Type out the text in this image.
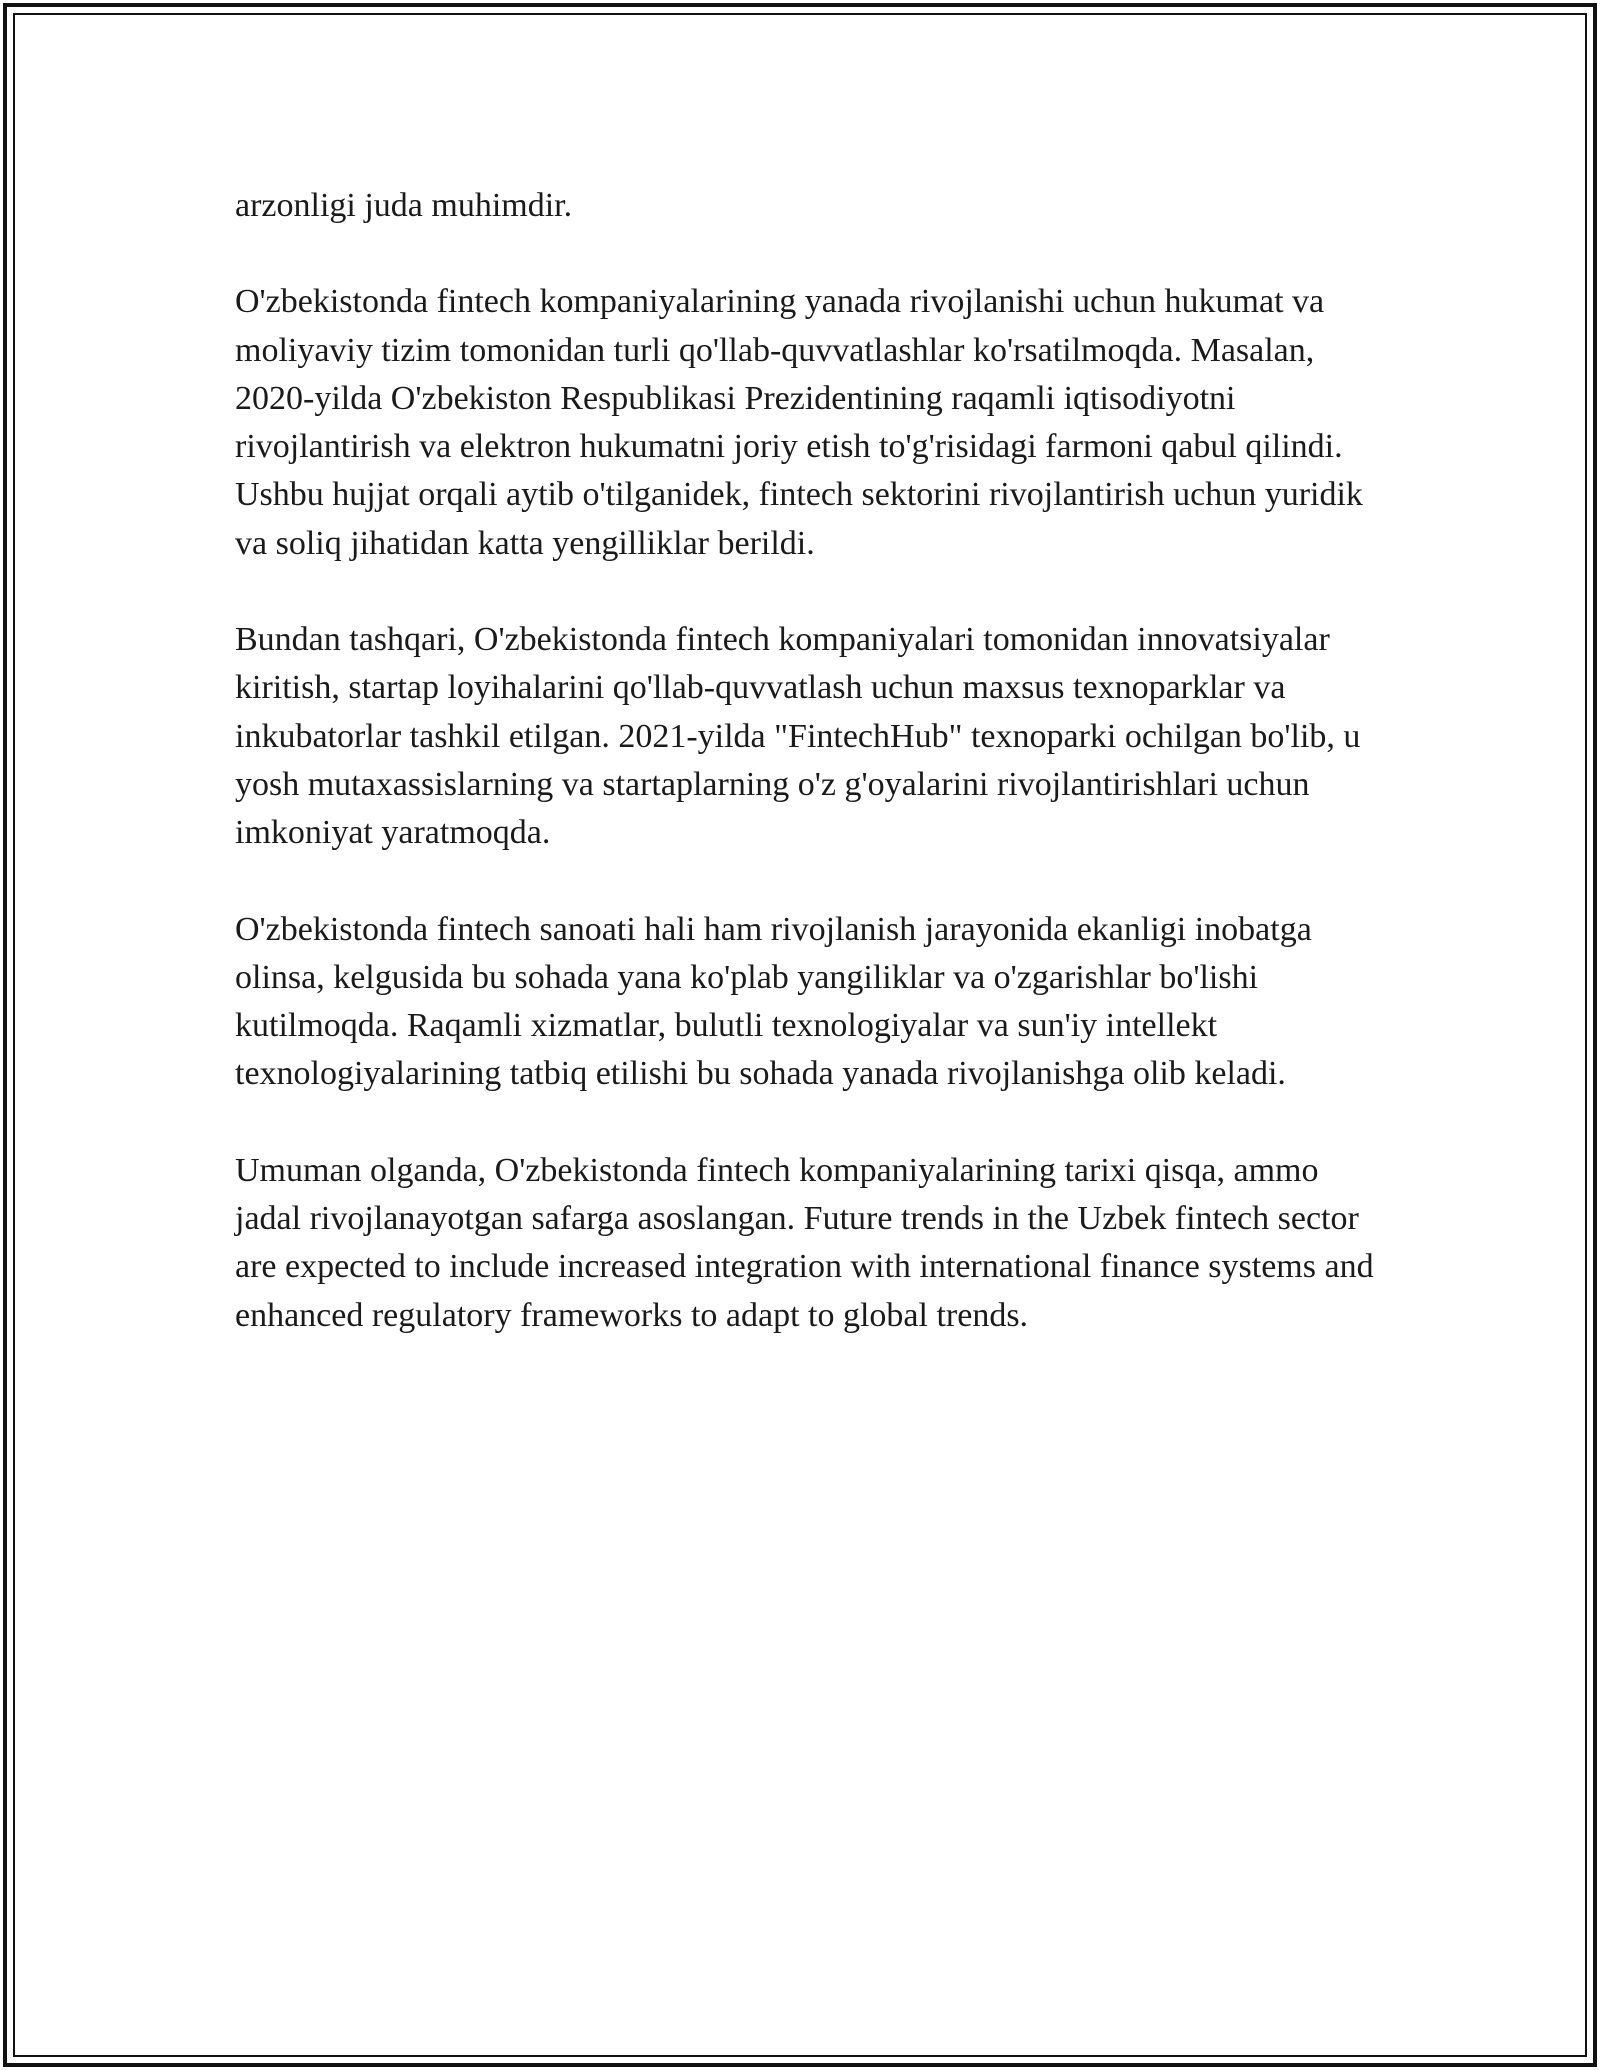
arzonligi juda muhimdir.

O'zbekistonda fintech kompaniyalarining yanada rivojlanishi uchun hukumat va moliyaviy tizim tomonidan turli qo'llab-quvvatlashlar ko'rsatilmoqda. Masalan, 2020-yilda O'zbekiston Respublikasi Prezidentining raqamli iqtisodiyotni rivojlantirish va elektron hukumatni joriy etish to'g'risidagi farmoni qabul qilindi. Ushbu hujjat orqali aytib o'tilganidek, fintech sektorini rivojlantirish uchun yuridik va soliq jihatidan katta yengilliklar berildi.

Bundan tashqari, O'zbekistonda fintech kompaniyalari tomonidan innovatsiyalar kiritish, startap loyihalarini qo'llab-quvvatlash uchun maxsus texnoparklar va inkubatorlar tashkil etilgan. 2021-yilda "FintechHub" texnoparki ochilgan bo'lib, u yosh mutaxassislarning va startaplarning o'z g'oyalarini rivojlantirishlari uchun imkoniyat yaratmoqda.

O'zbekistonda fintech sanoati hali ham rivojlanish jarayonida ekanligi inobatga olinsa, kelgusida bu sohada yana ko'plab yangiliklar va o'zgarishlar bo'lishi kutilmoqda. Raqamli xizmatlar, bulutli texnologiyalar va sun'iy intellekt texnologiyalarining tatbiq etilishi bu sohada yanada rivojlanishga olib keladi.

Umuman olganda, O'zbekistonda fintech kompaniyalarining tarixi qisqa, ammo jadal rivojlanayotgan safarga asoslangan. Future trends in the Uzbek fintech sector are expected to include increased integration with international finance systems and enhanced regulatory frameworks to adapt to global trends.
